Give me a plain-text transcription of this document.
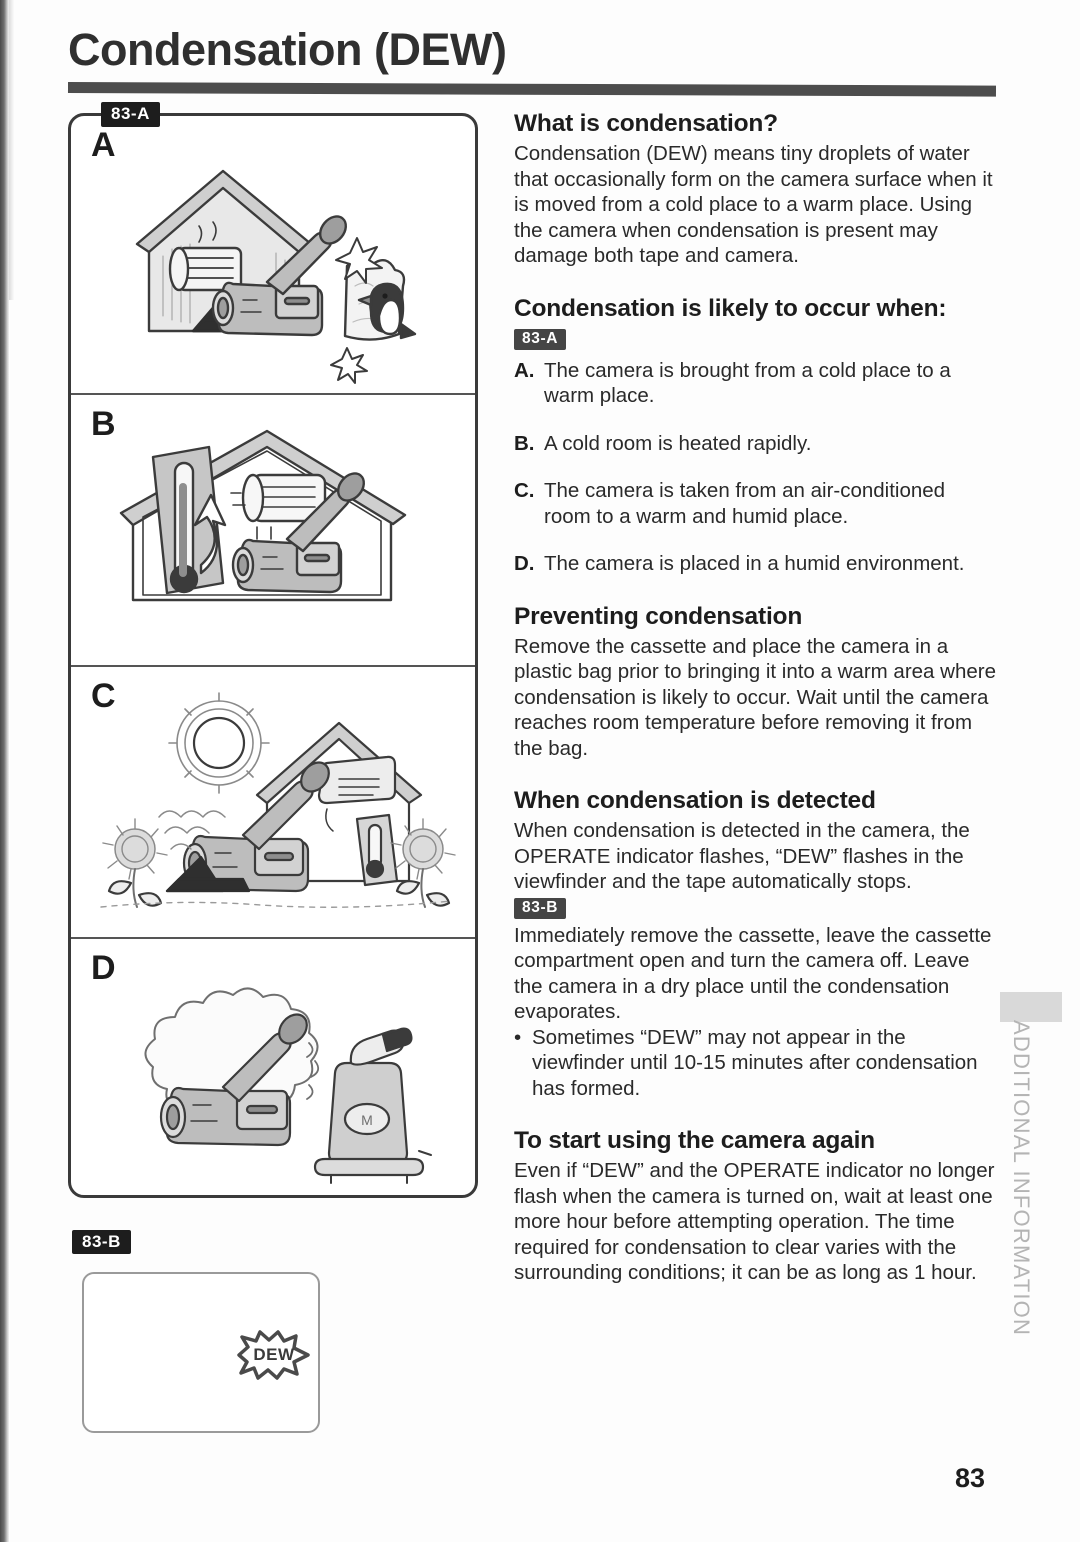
Condensation (DEW)
83-A
A
B
C
D
M
83-B
DEW
What is condensation?

Condensation (DEW) means tiny droplets of water that occasionally form on the camera surface when it is moved from a cold place to a warm place. Using the camera when condensation is present may damage both tape and camera.

Condensation is likely to occur when:
83-A
A. The camera is brought from a cold place to a warm place.
B. A cold room is heated rapidly.
C. The camera is taken from an air-conditioned room to a warm and humid place.
D. The camera is placed in a humid environment.
Preventing condensation

Remove the cassette and place the camera in a plastic bag prior to bringing it into a warm area where condensation is likely to occur. Wait until the camera reaches room temperature before removing it from the bag.

When condensation is detected

When condensation is detected in the camera, the OPERATE indicator flashes, “DEW” flashes in the viewfinder and the tape automatically stops.

83-B

Immediately remove the cassette, leave the cassette compartment open and turn the camera off. Leave the camera in a dry place until the condensation evaporates.

• Sometimes “DEW” may not appear in the viewfinder until 10-15 minutes after condensation has formed.
To start using the camera again

Even if “DEW” and the OPERATE indicator no longer flash when the camera is turned on, wait at least one more hour before attempting operation. The time required for condensation to clear varies with the surrounding conditions; it can be as long as 1 hour.	ADDITIONAL INFORMATION
83
